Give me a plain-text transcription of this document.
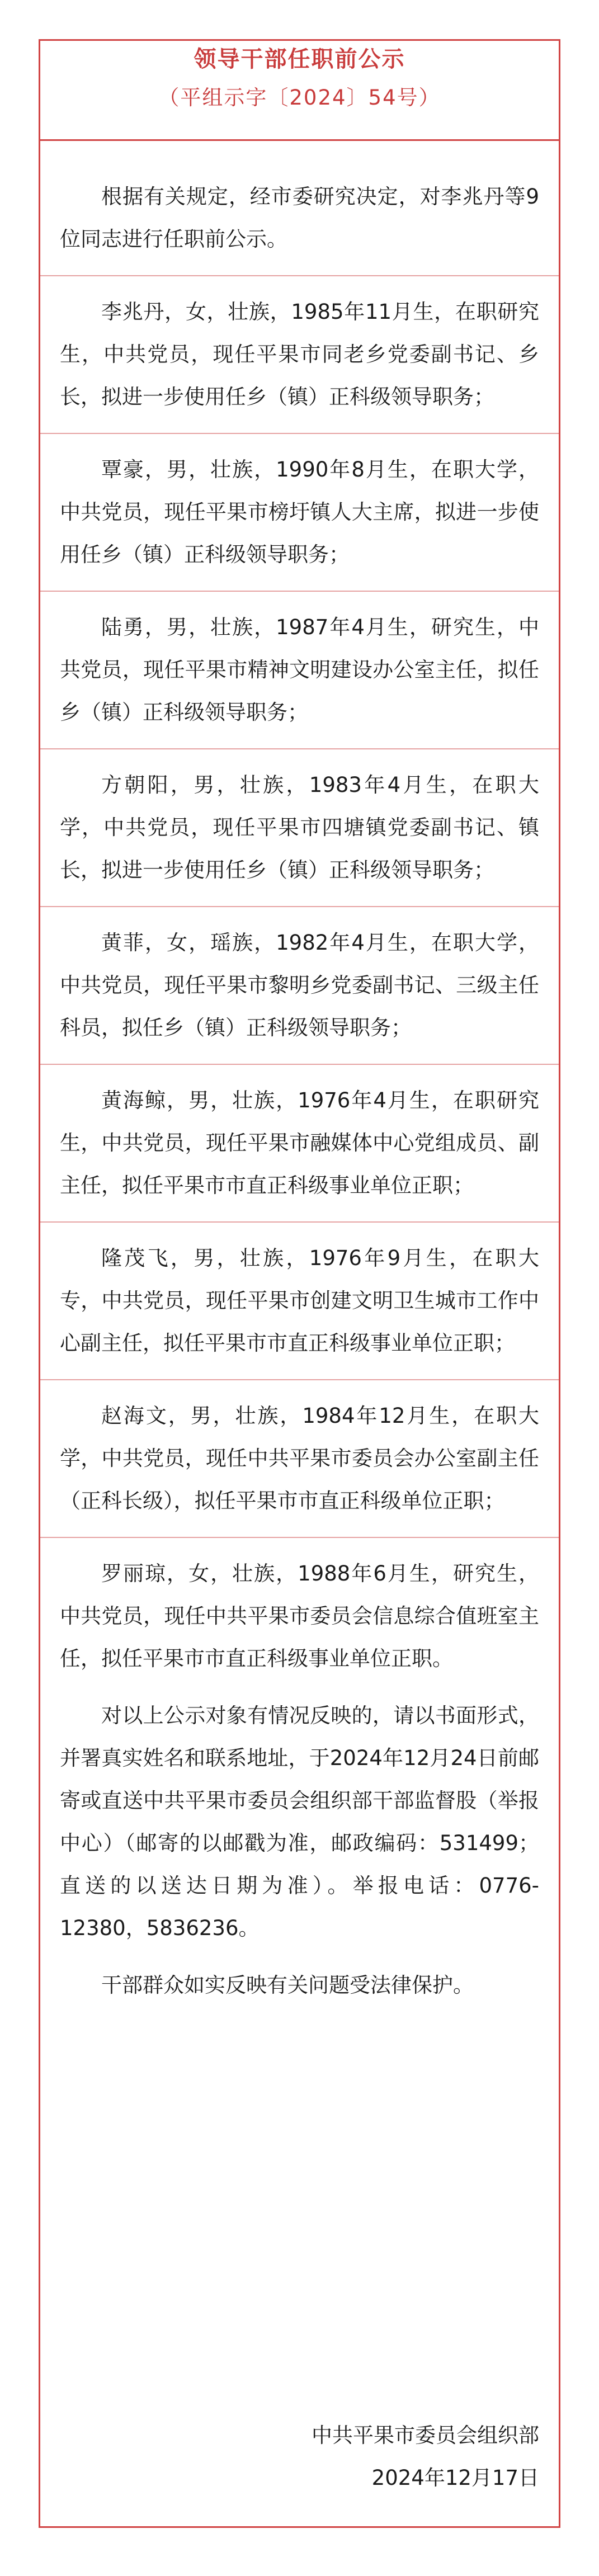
领导干部任职前公示
（平组示字〔2024〕54号）

根据有关规定，经市委研究决定，对李兆丹等9位同志进行任职前公示。

李兆丹，女，壮族，1985年11月生，在职研究生，中共党员，现任平果市同老乡党委副书记、乡长，拟进一步使用任乡（镇）正科级领导职务；

覃豪，男，壮族，1990年8月生，在职大学，中共党员，现任平果市榜圩镇人大主席，拟进一步使用任乡（镇）正科级领导职务；

陆勇，男，壮族，1987年4月生，研究生，中共党员，现任平果市精神文明建设办公室主任，拟任乡（镇）正科级领导职务；

方朝阳，男，壮族，1983年4月生，在职大学，中共党员，现任平果市四塘镇党委副书记、镇长，拟进一步使用任乡（镇）正科级领导职务；

黄菲，女，瑶族，1982年4月生，在职大学，中共党员，现任平果市黎明乡党委副书记、三级主任科员，拟任乡（镇）正科级领导职务；

黄海鲸，男，壮族，1976年4月生，在职研究生，中共党员，现任平果市融媒体中心党组成员、副主任，拟任平果市市直正科级事业单位正职；

隆茂飞，男，壮族，1976年9月生，在职大专，中共党员，现任平果市创建文明卫生城市工作中心副主任，拟任平果市市直正科级事业单位正职；

赵海文，男，壮族，1984年12月生，在职大学，中共党员，现任中共平果市委员会办公室副主任（正科长级），拟任平果市市直正科级单位正职；

罗丽琼，女，壮族，1988年6月生，研究生，中共党员，现任中共平果市委员会信息综合值班室主任，拟任平果市市直正科级事业单位正职。

对以上公示对象有情况反映的，请以书面形式，并署真实姓名和联系地址，于2024年12月24日前邮寄或直送中共平果市委员会组织部干部监督股（举报中心）（邮寄的以邮戳为准，邮政编码：531499；直送的以送达日期为准）。举报电话：0776-12380，5836236。

干部群众如实反映有关问题受法律保护。

中共平果市委员会组织部
2024年12月17日
